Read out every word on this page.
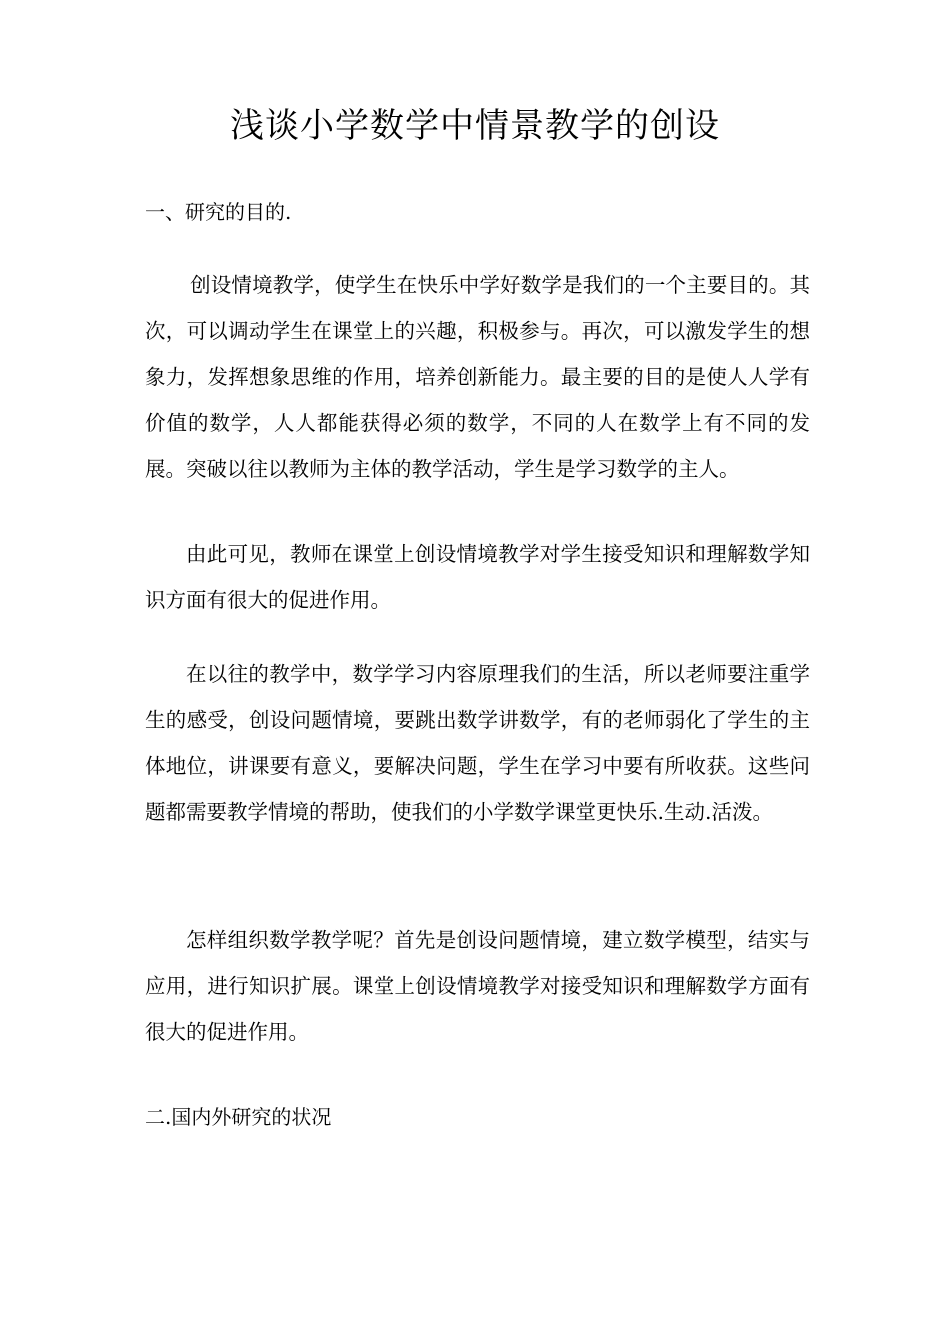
浅谈小学数学中情景教学的创设
一、研究的目的.

创设情境教学，使学生在快乐中学好数学是我们的一个主要目的。其次，可以调动学生在课堂上的兴趣，积极参与。再次，可以激发学生的想象力，发挥想象思维的作用，培养创新能力。最主要的目的是使人人学有价值的数学，人人都能获得必须的数学，不同的人在数学上有不同的发展。突破以往以教师为主体的教学活动，学生是学习数学的主人。

由此可见，教师在课堂上创设情境教学对学生接受知识和理解数学知识方面有很大的促进作用。

在以往的教学中，数学学习内容原理我们的生活，所以老师要注重学生的感受，创设问题情境，要跳出数学讲数学，有的老师弱化了学生的主体地位，讲课要有意义，要解决问题，学生在学习中要有所收获。这些问题都需要教学情境的帮助，使我们的小学数学课堂更快乐.生动.活泼。

怎样组织数学教学呢？首先是创设问题情境，建立数学模型，结实与应用，进行知识扩展。课堂上创设情境教学对接受知识和理解数学方面有很大的促进作用。

二.国内外研究的状况
